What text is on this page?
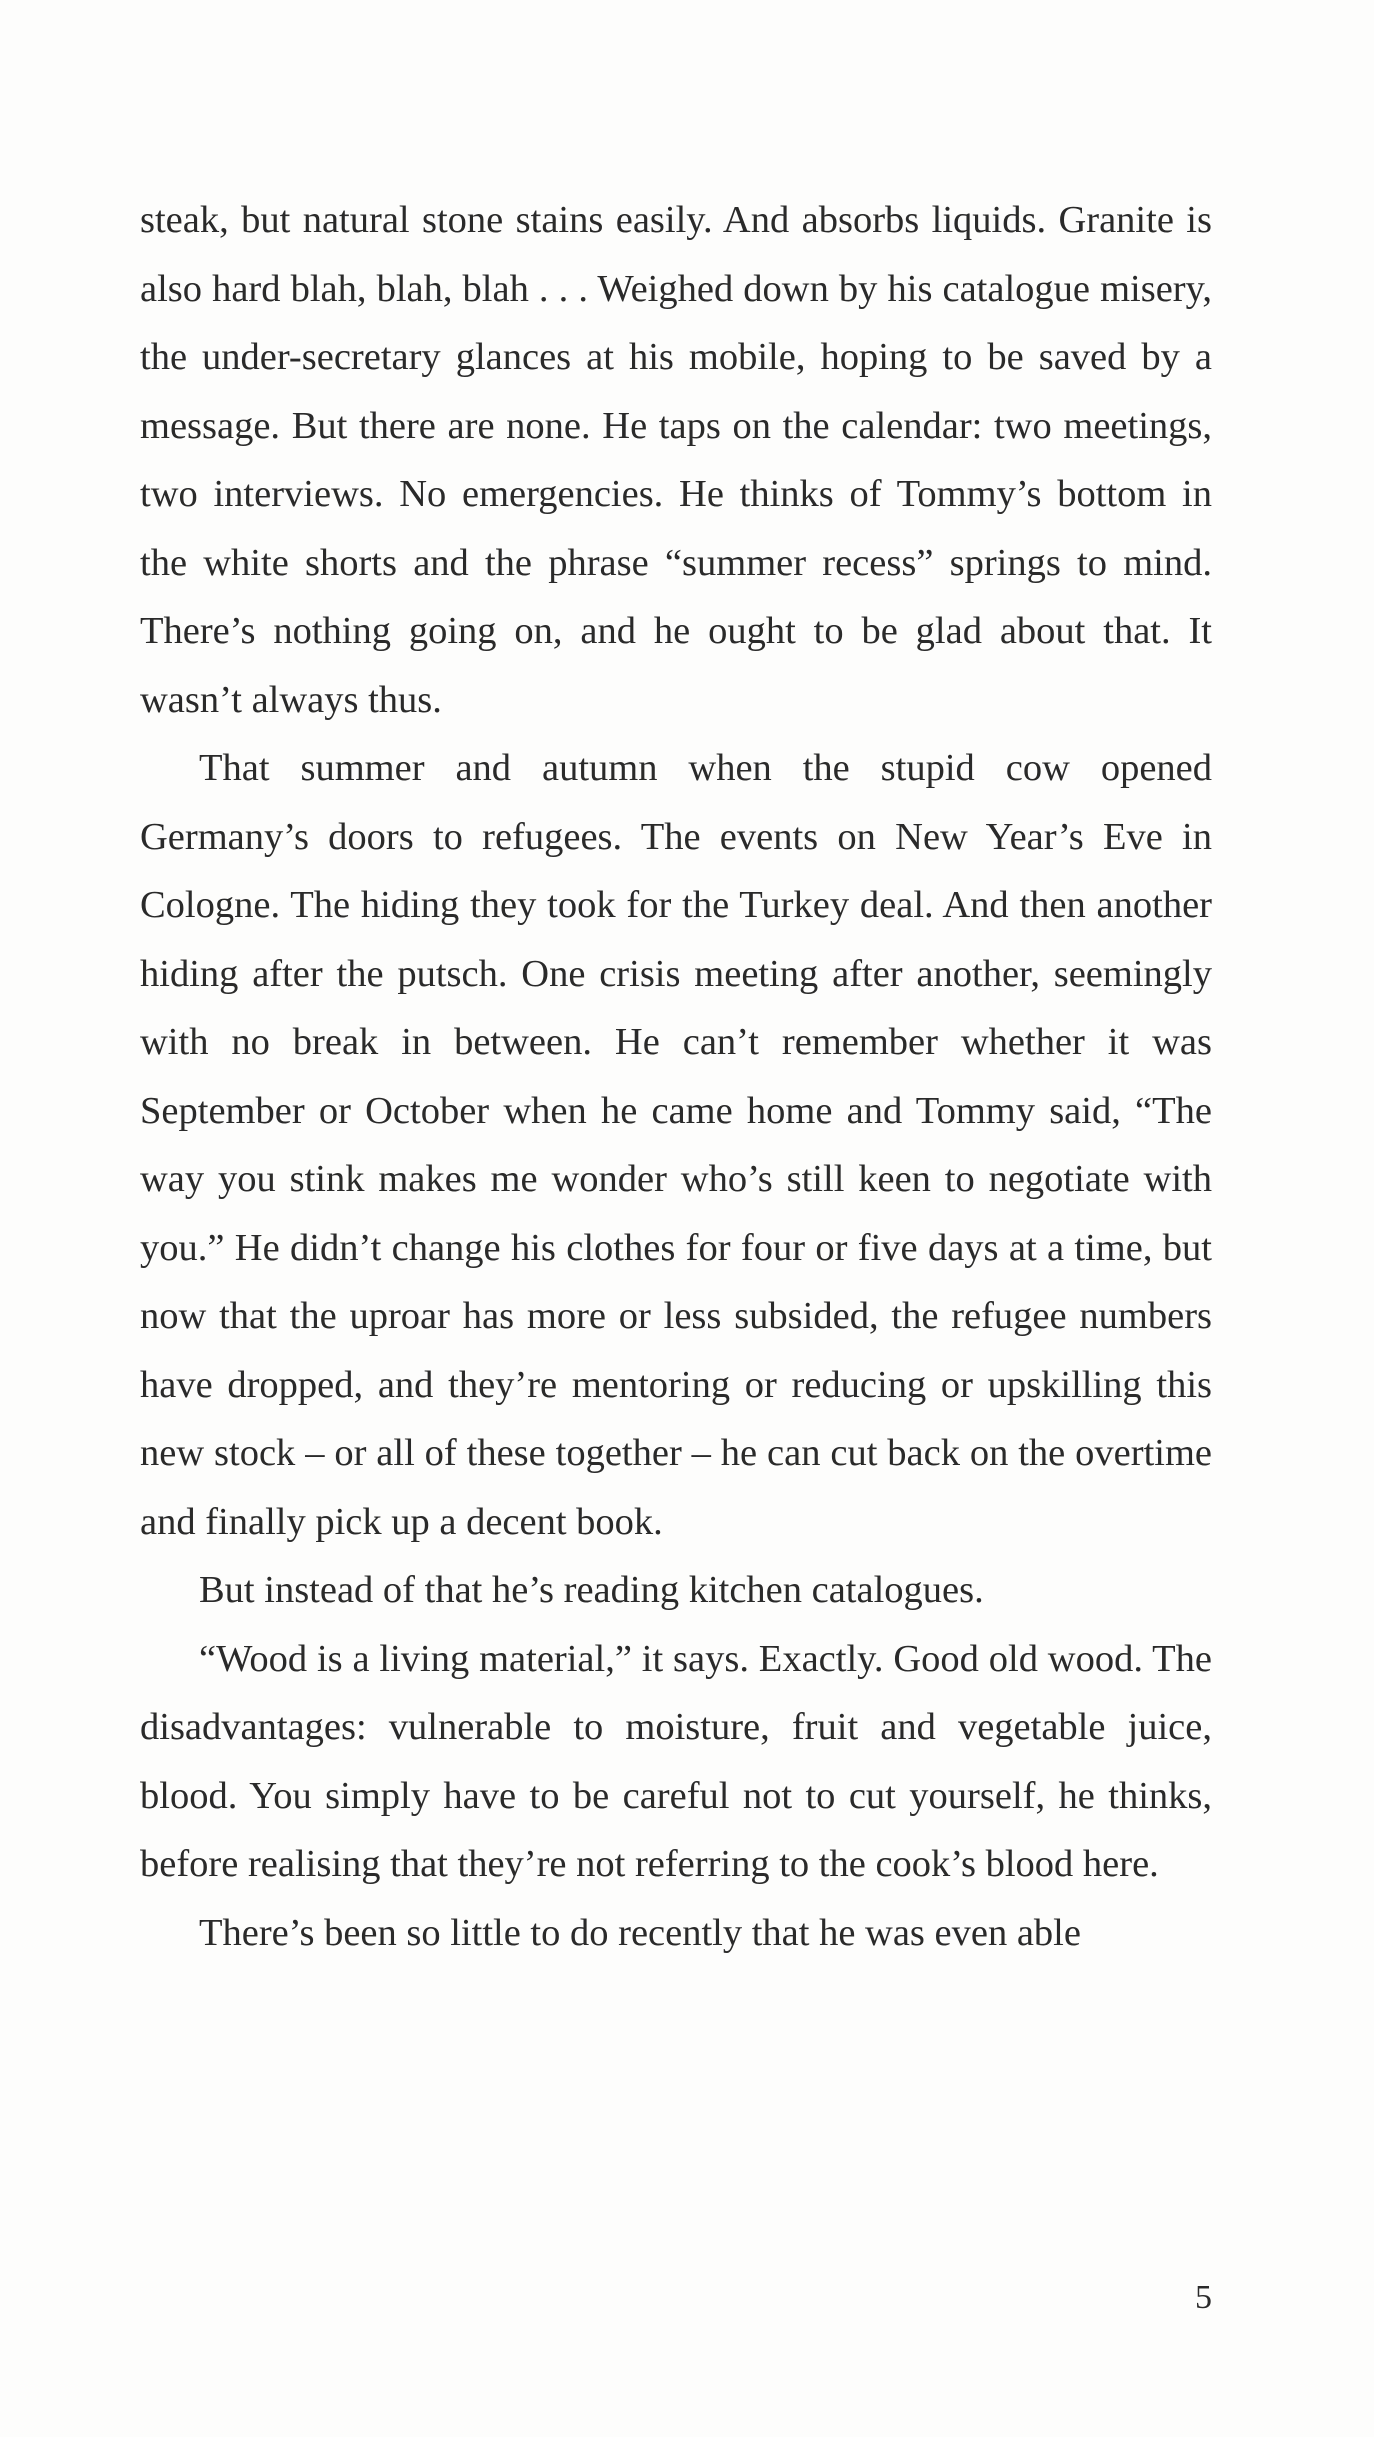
steak, but natural stone stains easily. And absorbs liquids. Granite is also hard blah, blah, blah . . . Weighed down by his catalogue misery, the under-secretary glances at his mobile, hoping to be saved by a message. But there are none. He taps on the calendar: two meetings, two interviews. No emergencies. He thinks of Tommy’s bottom in the white shorts and the phrase “summer recess” springs to mind. There’s nothing going on, and he ought to be glad about that. It wasn’t always thus.

That summer and autumn when the stupid cow opened Germany’s doors to refugees. The events on New Year’s Eve in Cologne. The hiding they took for the Turkey deal. And then another hiding after the putsch. One crisis meeting after another, seemingly with no break in between. He can’t remember whether it was September or October when he came home and Tommy said, “The way you stink makes me wonder who’s still keen to negotiate with you.” He didn’t change his clothes for four or five days at a time, but now that the uproar has more or less subsided, the refugee numbers have dropped, and they’re mentoring or reducing or upskilling this new stock – or all of these together – he can cut back on the overtime and finally pick up a decent book.

But instead of that he’s reading kitchen catalogues.

“Wood is a living material,” it says. Exactly. Good old wood. The disadvantages: vulnerable to moisture, fruit and vegetable juice, blood. You simply have to be careful not to cut yourself, he thinks, before realising that they’re not referring to the cook’s blood here.

There’s been so little to do recently that he was even able

5
